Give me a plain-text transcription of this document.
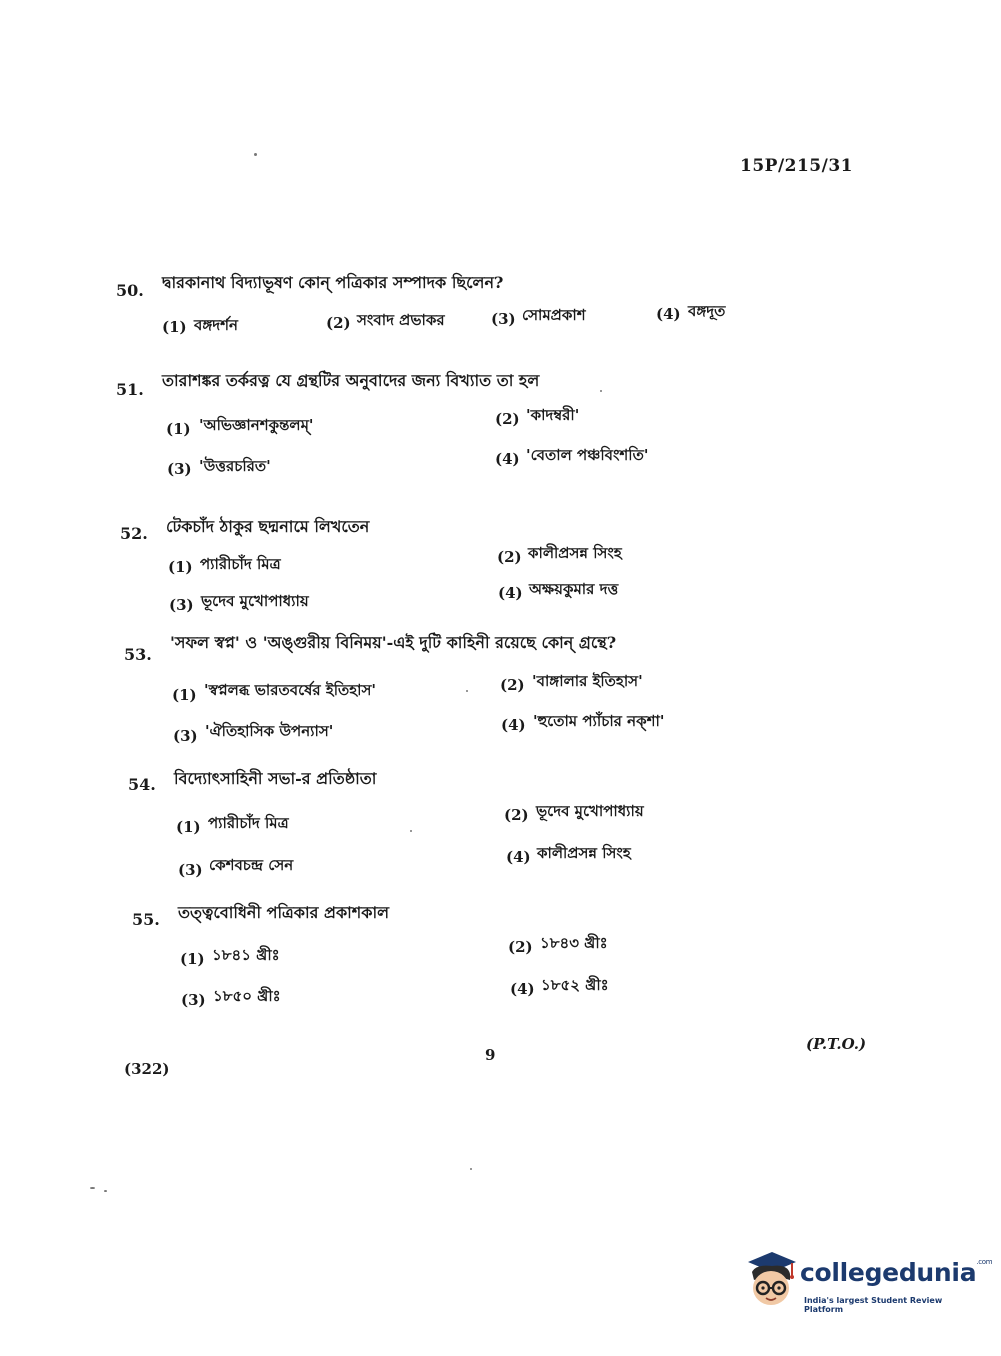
15P/215/31
50. দ্বারকানাথ বিদ্যাভূষণ কোন্ পত্রিকার সম্পাদক ছিলেন?
(1) বঙ্গদর্শন	(2) সংবাদ প্রভাকর	(3) সোমপ্রকাশ	(4) বঙ্গদূত
51. তারাশঙ্কর তর্করত্ন যে গ্রন্থটির অনুবাদের জন্য বিখ্যাত তা হল
(1) 'অভিজ্ঞানশকুন্তলম্'	(2) 'কাদম্বরী'
(3) 'উত্তরচরিত'	(4) 'বেতাল পঞ্চবিংশতি'
52. টেকচাঁদ ঠাকুর ছদ্মনামে লিখতেন
(1) প্যারীচাঁদ মিত্র	(2) কালীপ্রসন্ন সিংহ
(3) ভূদেব মুখোপাধ্যায়	(4) অক্ষয়কুমার দত্ত
53.
'সফল স্বপ্ন' ও 'অঙ্গুরীয় বিনিময়'-এই দুটি কাহিনী রয়েছে কোন্ গ্রন্থে?
(1) 'স্বপ্নলব্ধ ভারতবর্ষের ইতিহাস'	(2) 'বাঙ্গালার ইতিহাস'
(3) 'ঐতিহাসিক উপন্যাস'	(4) 'হুতোম প্যাঁচার নক্শা'
54. বিদ্যোৎসাহিনী সভা-র প্রতিষ্ঠাতা
(1) প্যারীচাঁদ মিত্র	(2) ভূদেব মুখোপাধ্যায়
(3) কেশবচন্দ্র সেন	(4) কালীপ্রসন্ন সিংহ
55. তত্ত্ববোধিনী পত্রিকার প্রকাশকাল
(1) ১৮৪১ খ্রীঃ	(2) ১৮৪৩ খ্রীঃ
(3) ১৮৫০ খ্রীঃ	(4) ১৮৫২ খ্রীঃ
(322)
9
(P.T.O.)
collegedunia$^{.com}$
India's largest Student Review Platform
